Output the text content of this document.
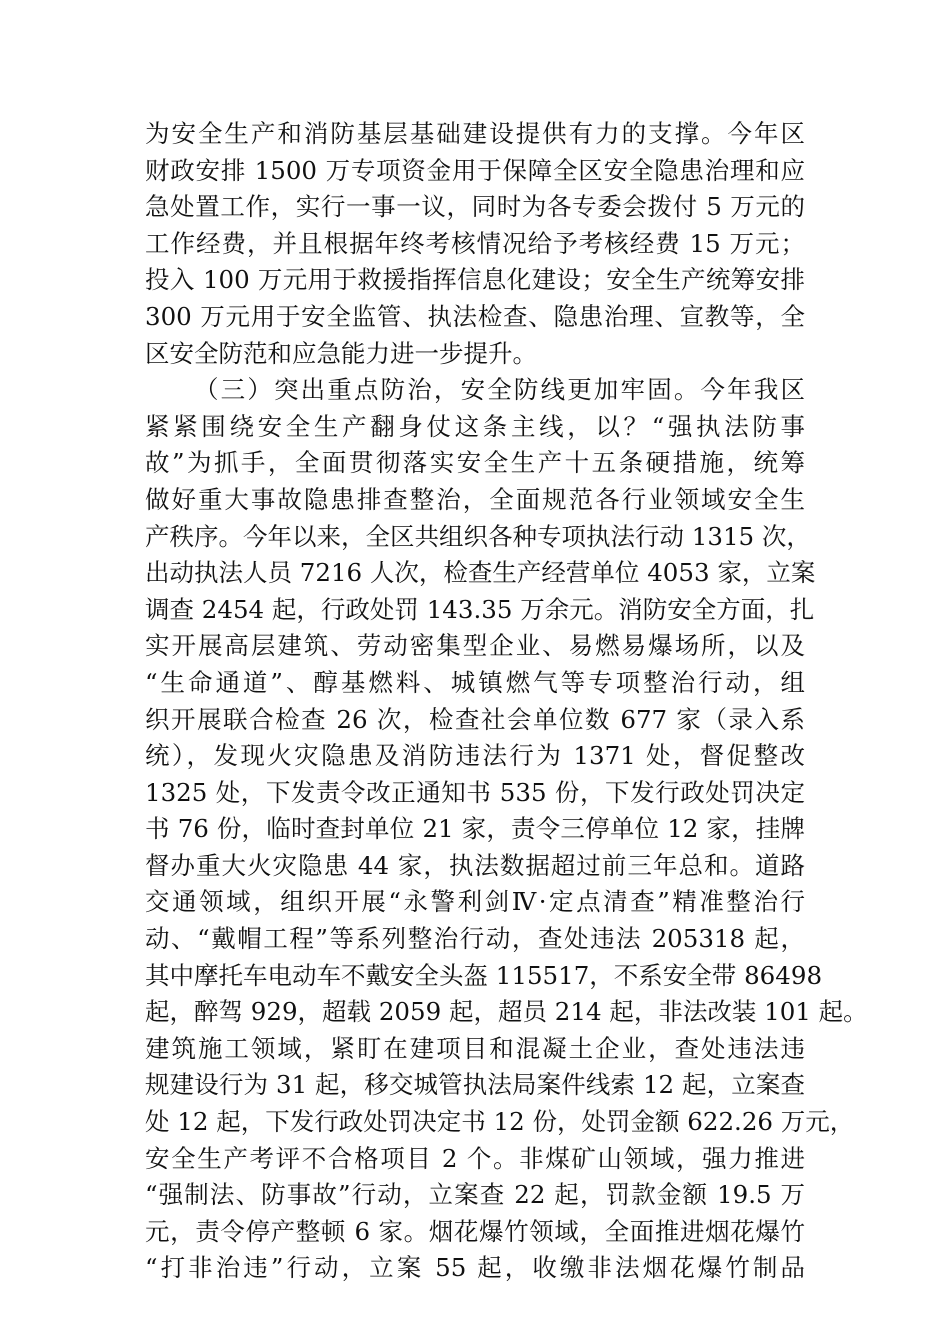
为安全生产和消防基层基础建设提供有力的支撑。今年区
财政安排 1500 万专项资金用于保障全区安全隐患治理和应
急处置工作，实行一事一议，同时为各专委会拨付 5 万元的
工作经费，并且根据年终考核情况给予考核经费 15 万元；
投入 100 万元用于救援指挥信息化建设；安全生产统筹安排
300 万元用于安全监管、执法检查、隐患治理、宣教等，全
区安全防范和应急能力进一步提升。
（三）突出重点防治，安全防线更加牢固。今年我区
紧紧围绕安全生产翻身仗这条主线，以？“强执法防事
故”为抓手，全面贯彻落实安全生产十五条硬措施，统筹
做好重大事故隐患排查整治，全面规范各行业领域安全生
产秩序。今年以来，全区共组织各种专项执法行动 1315 次，
出动执法人员 7216 人次，检查生产经营单位 4053 家，立案
调查 2454 起，行政处罚 143.35 万余元。消防安全方面，扎
实开展高层建筑、劳动密集型企业、易燃易爆场所，以及
“生命通道”、醇基燃料、城镇燃气等专项整治行动，组
织开展联合检查 26 次，检查社会单位数 677 家（录入系
统），发现火灾隐患及消防违法行为 1371 处，督促整改
1325 处，下发责令改正通知书 535 份，下发行政处罚决定
书 76 份，临时查封单位 21 家，责令三停单位 12 家，挂牌
督办重大火灾隐患 44 家，执法数据超过前三年总和。道路
交通领域，组织开展“永警利剑Ⅳ·定点清查”精准整治行
动、“戴帽工程”等系列整治行动，查处违法 205318 起，
其中摩托车电动车不戴安全头盔 115517，不系安全带 86498
起，醉驾 929，超载 2059 起，超员 214 起，非法改装 101 起。
建筑施工领域，紧盯在建项目和混凝土企业，查处违法违
规建设行为 31 起，移交城管执法局案件线索 12 起，立案查
处 12 起，下发行政处罚决定书 12 份，处罚金额 622.26 万元，
安全生产考评不合格项目 2 个。非煤矿山领域，强力推进
“强制法、防事故”行动，立案查 22 起，罚款金额 19.5 万
元，责令停产整顿 6 家。烟花爆竹领域，全面推进烟花爆竹
“打非治违”行动，立案 55 起，收缴非法烟花爆竹制品
